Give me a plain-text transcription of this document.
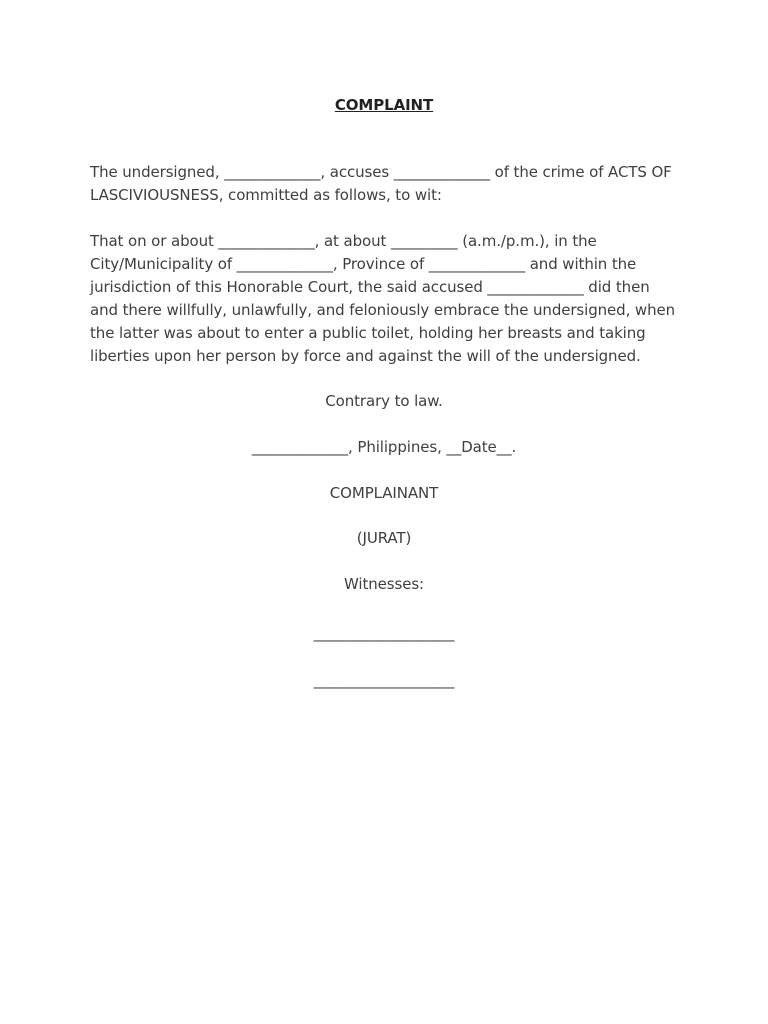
COMPLAINT

The undersigned, _____________, accuses _____________ of the crime of ACTS OF LASCIVIOUSNESS, committed as follows, to wit:

That on or about _____________, at about _________ (a.m./p.m.), in the City/Municipality of _____________, Province of _____________ and within the jurisdiction of this Honorable Court, the said accused _____________ did then and there willfully, unlawfully, and feloniously embrace the undersigned, when the latter was about to enter a public toilet, holding her breasts and taking liberties upon her person by force and against the will of the undersigned.

Contrary to law.

_____________, Philippines, __Date__.

COMPLAINANT

(JURAT)

Witnesses:

___________________

___________________
